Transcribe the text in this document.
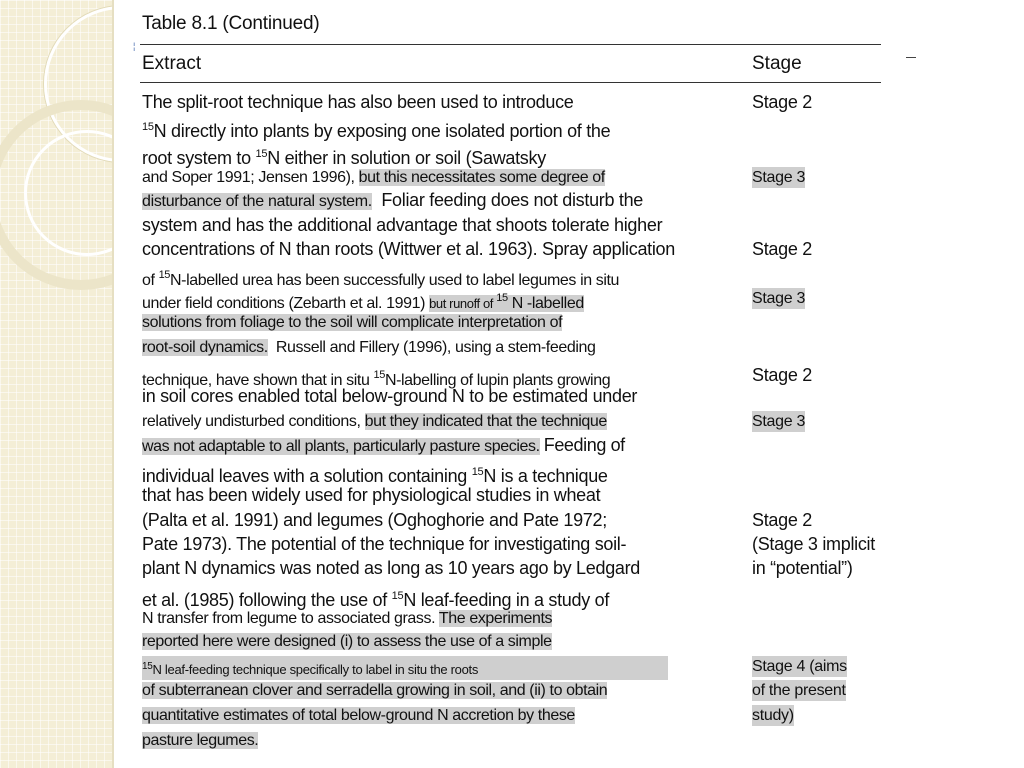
Table 8.1 (Continued)
¦
Extract	Stage
The split-root technique has also been used to introduce
$^{15}$N directly into plants by exposing one isolated portion of the
root system to $^{15}$N either in solution or soil (Sawatsky
and Soper 1991; Jensen 1996), but this necessitates some degree of
disturbance of the natural system. Foliar feeding does not disturb the
system and has the additional advantage that shoots tolerate higher
concentrations of N than roots (Wittwer et al. 1963). Spray application
of $^{15}$N-labelled urea has been successfully used to label legumes in situ
under field conditions (Zebarth et al. 1991) but runoff of $^{15}$ N -labelled
solutions from foliage to the soil will complicate interpretation of
root-soil dynamics. Russell and Fillery (1996), using a stem-feeding
technique, have shown that in situ $^{15}$N-labelling of lupin plants growing
in soil cores enabled total below-ground N to be estimated under
relatively undisturbed conditions, but they indicated that the technique
was not adaptable to all plants, particularly pasture species. Feeding of
individual leaves with a solution containing $^{15}$N is a technique
that has been widely used for physiological studies in wheat
(Palta et al. 1991) and legumes (Oghoghorie and Pate 1972;
Pate 1973). The potential of the technique for investigating soil-
plant N dynamics was noted as long as 10 years ago by Ledgard
et al. (1985) following the use of $^{15}$N leaf-feeding in a study of
N transfer from legume to associated grass. The experiments
reported here were designed (i) to assess the use of a simple
$^{15}$N leaf-feeding technique specifically to label in situ the roots
of subterranean clover and serradella growing in soil, and (ii) to obtain
quantitative estimates of total below-ground N accretion by these
pasture legumes.
Stage 2
Stage 3
Stage 2
Stage 3
Stage 2
Stage 3
Stage 2
(Stage 3 implicit
in “potential”)
Stage 4 (aims
of the present
study)
